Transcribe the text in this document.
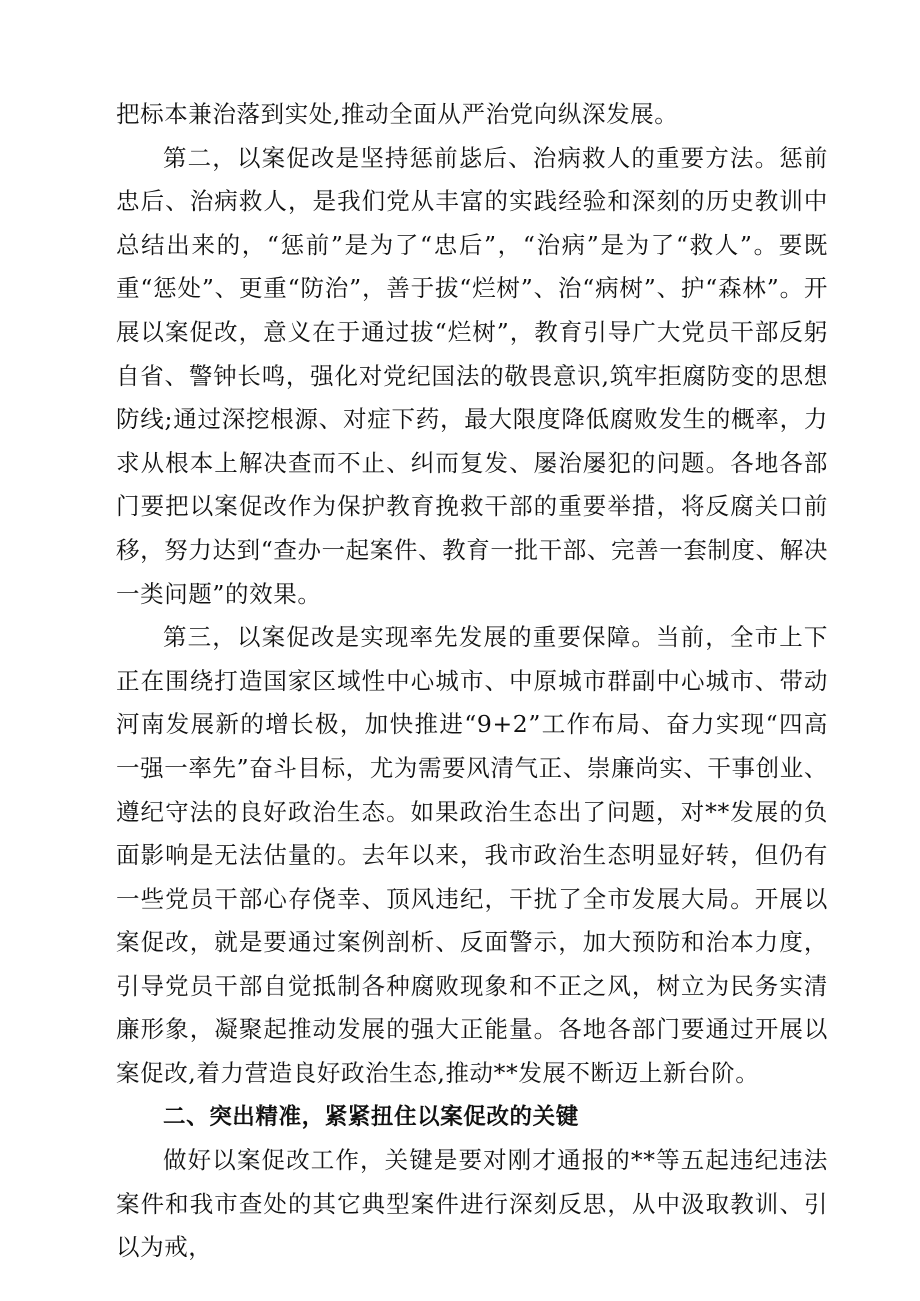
把标本兼治落到实处,推动全面从严治党向纵深发展。

第二，以案促改是坚持惩前毖后、治病救人的重要方法。惩前忠后、治病救人，是我们党从丰富的实践经验和深刻的历史教训中总结出来的，“惩前”是为了“忠后”，“治病”是为了“救人”。要既重“惩处”、更重“防治”，善于拔“烂树”、治“病树”、护“森林”。开展以案促改，意义在于通过拔“烂树”，教育引导广大党员干部反躬自省、警钟长鸣，强化对党纪国法的敬畏意识,筑牢拒腐防变的思想防线;通过深挖根源、对症下药，最大限度降低腐败发生的概率，力求从根本上解决查而不止、纠而复发、屡治屡犯的问题。各地各部门要把以案促改作为保护教育挽救干部的重要举措，将反腐关口前移，努力达到“查办一起案件、教育一批干部、完善一套制度、解决一类问题”的效果。

第三，以案促改是实现率先发展的重要保障。当前，全市上下正在围绕打造国家区域性中心城市、中原城市群副中心城市、带动河南发展新的增长极，加快推进“9+2”工作布局、奋力实现“四高一强一率先”奋斗目标，尤为需要风清气正、崇廉尚实、干事创业、遵纪守法的良好政治生态。如果政治生态出了问题，对**发展的负面影响是无法估量的。去年以来，我市政治生态明显好转，但仍有一些党员干部心存侥幸、顶风违纪，干扰了全市发展大局。开展以案促改，就是要通过案例剖析、反面警示，加大预防和治本力度，引导党员干部自觉抵制各种腐败现象和不正之风，树立为民务实清廉形象，凝聚起推动发展的强大正能量。各地各部门要通过开展以案促改,着力营造良好政治生态,推动**发展不断迈上新台阶。

二、突出精准，紧紧扭住以案促改的关键

做好以案促改工作，关键是要对刚才通报的**等五起违纪违法案件和我市查处的其它典型案件进行深刻反思，从中汲取教训、引以为戒，
